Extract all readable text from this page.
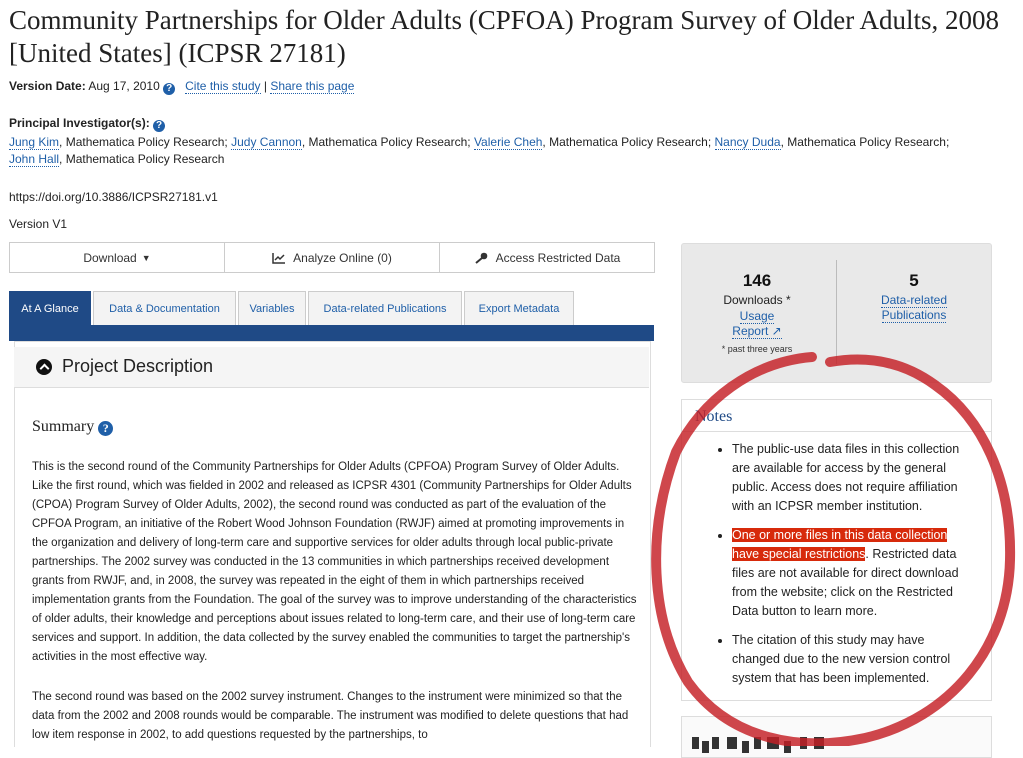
Community Partnerships for Older Adults (CPFOA) Program Survey of Older Adults, 2008 [United States] (ICPSR 27181)
Version Date: Aug 17, 2010 ? Cite this study | Share this page
Principal Investigator(s): ?
Jung Kim, Mathematica Policy Research; Judy Cannon, Mathematica Policy Research; Valerie Cheh, Mathematica Policy Research; Nancy Duda, Mathematica Policy Research; John Hall, Mathematica Policy Research
https://doi.org/10.3886/ICPSR27181.v1
Version V1
Download ▼	Analyze Online (0)	Access Restricted Data
At A Glance	Data & Documentation	Variables	Data-related Publications	Export Metadata
Project Description
Summary ?

This is the second round of the Community Partnerships for Older Adults (CPFOA) Program Survey of Older Adults. Like the first round, which was fielded in 2002 and released as ICPSR 4301 (Community Partnerships for Older Adults (CPOA) Program Survey of Older Adults, 2002), the second round was conducted as part of the evaluation of the CPFOA Program, an initiative of the Robert Wood Johnson Foundation (RWJF) aimed at promoting improvements in the organization and delivery of long-term care and supportive services for older adults through local public-private partnerships. The 2002 survey was conducted in the 13 communities in which partnerships received development grants from RWJF, and, in 2008, the survey was repeated in the eight of them in which partnerships received implementation grants from the Foundation. The goal of the survey was to improve understanding of the characteristics of older adults, their knowledge and perceptions about issues related to long-term care, and their use of long-term care services and support. In addition, the data collected by the survey enabled the communities to target the partnership's activities in the most effective way.

The second round was based on the 2002 survey instrument. Changes to the instrument were minimized so that the data from the 2002 and 2008 rounds would be comparable. The instrument was modified to delete questions that had low item response in 2002, to add questions requested by the partnerships, to

146
Downloads *
Usage
Report ↗
* past three years
5
Data-related
Publications
Notes
• The public-use data files in this collection are available for access by the general public. Access does not require affiliation with an ICPSR member institution.
• One or more files in this data collection have special restrictions. Restricted data files are not available for direct download from the website; click on the Restricted Data button to learn more.
• The citation of this study may have changed due to the new version control system that has been implemented.
